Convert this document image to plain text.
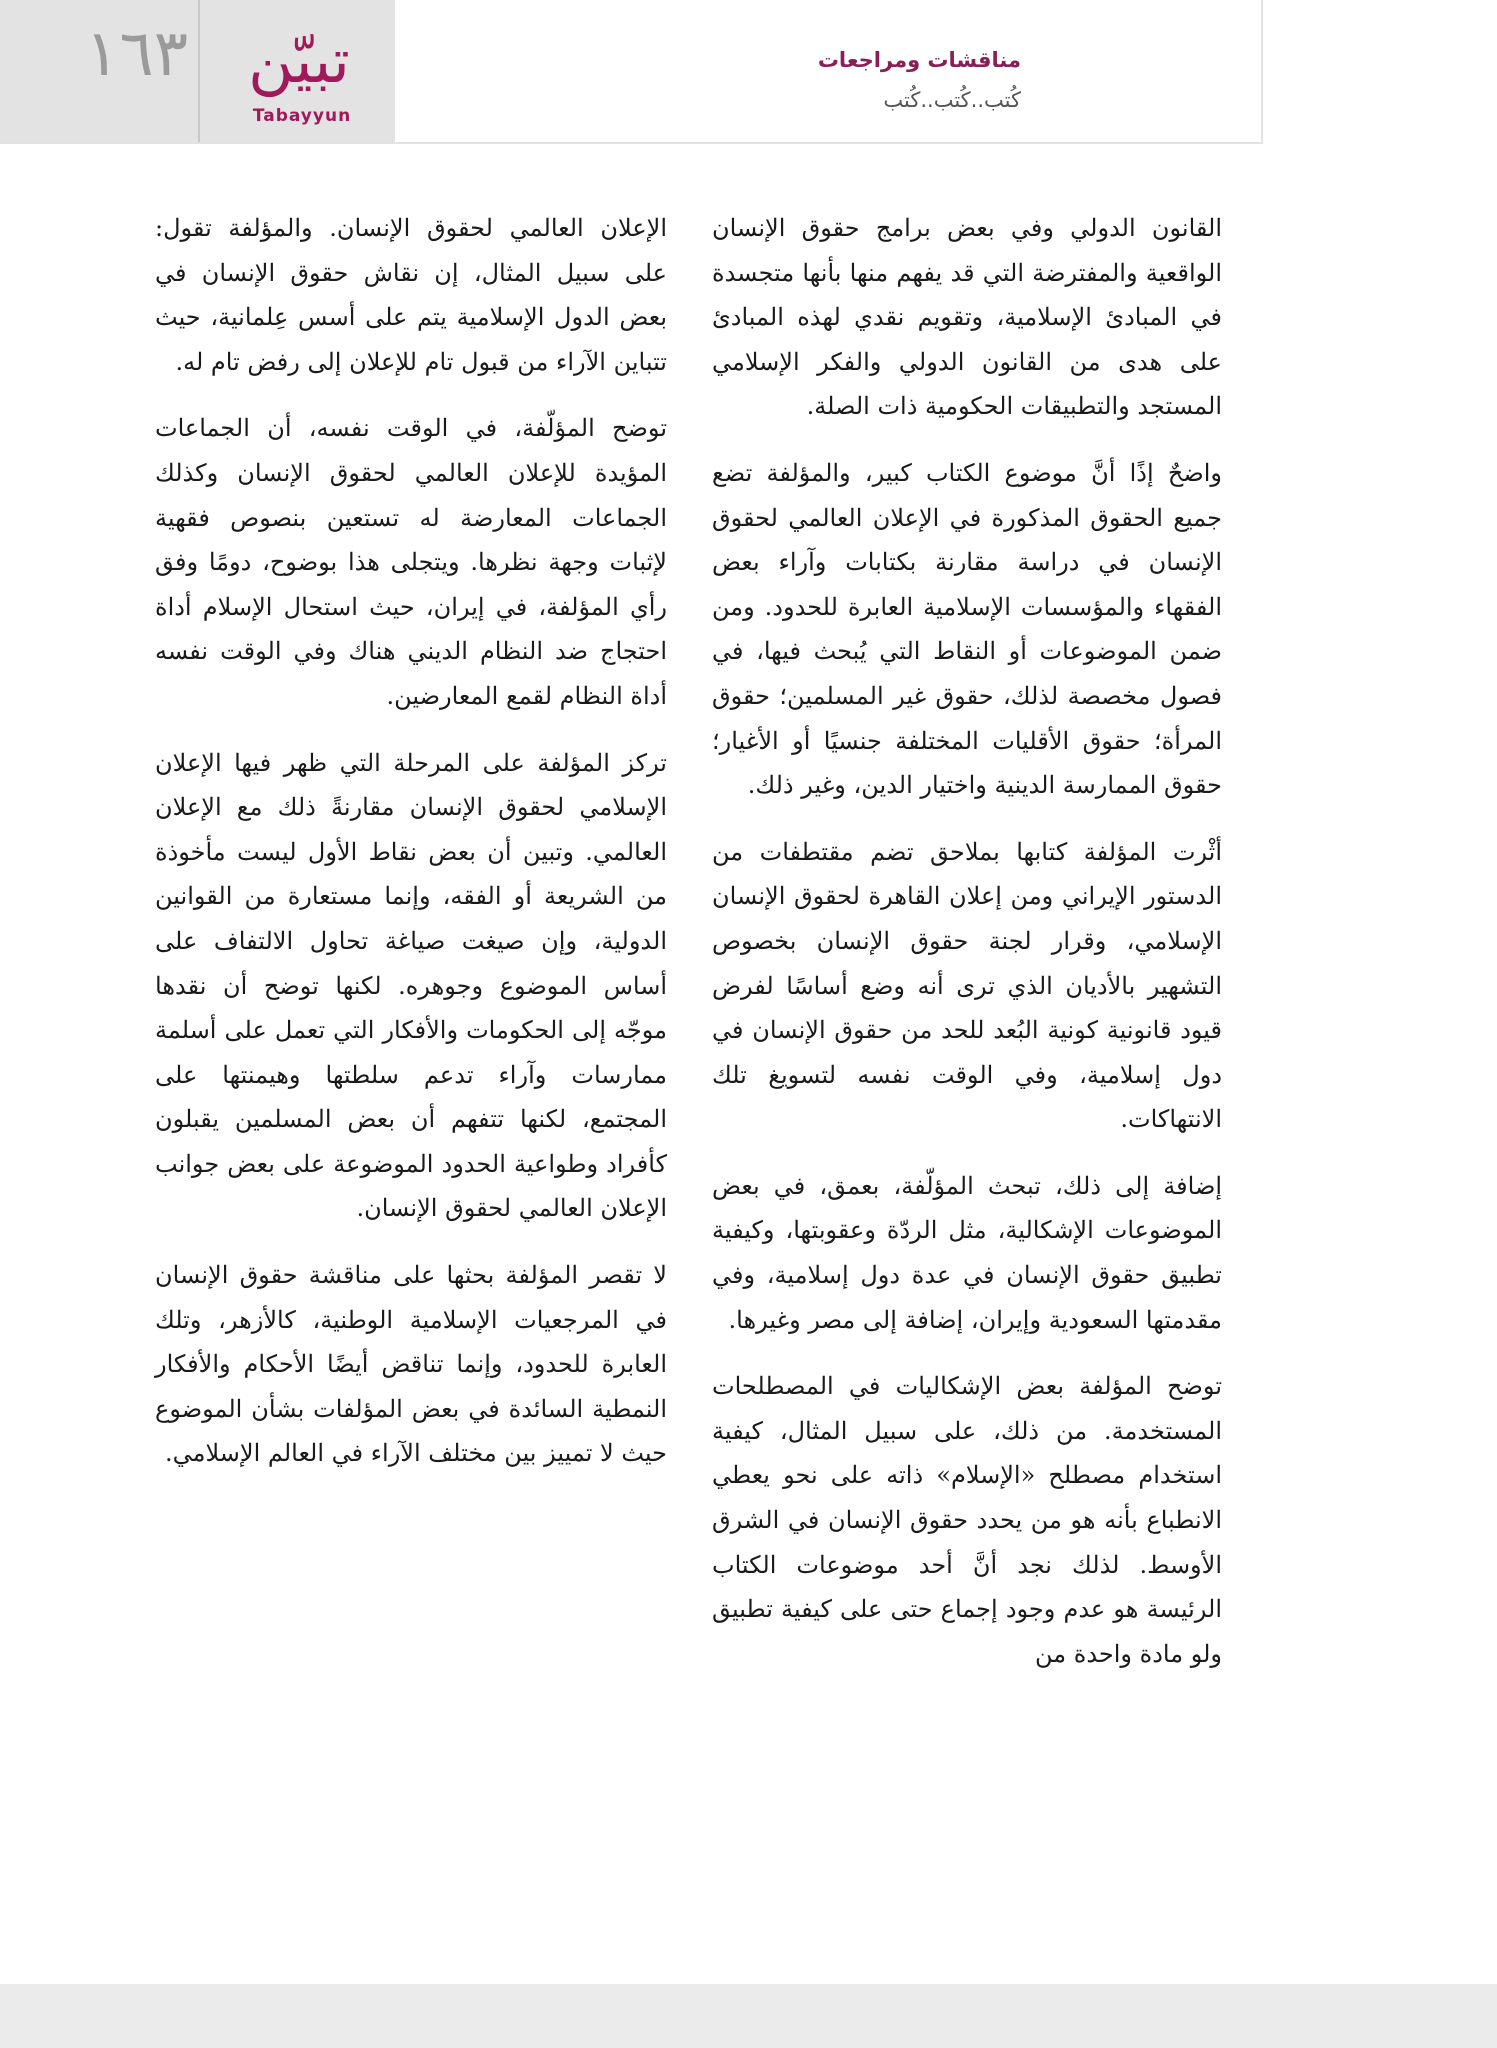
١٦٣ تبيّن
Tabayyun
مناقشات ومراجعات
كُتب..كُتب..كُتب

القانون الدولي وفي بعض برامج حقوق الإنسان الواقعية والمفترضة التي قد يفهم منها بأنها متجسدة في المبادئ الإسلامية، وتقويم نقدي لهذه المبادئ على هدى من القانون الدولي والفكر الإسلامي المستجد والتطبيقات الحكومية ذات الصلة.

واضحٌ إذًا أنَّ موضوع الكتاب كبير، والمؤلفة تضع جميع الحقوق المذكورة في الإعلان العالمي لحقوق الإنسان في دراسة مقارنة بكتابات وآراء بعض الفقهاء والمؤسسات الإسلامية العابرة للحدود. ومن ضمن الموضوعات أو النقاط التي يُبحث فيها، في فصول مخصصة لذلك، حقوق غير المسلمين؛ حقوق المرأة؛ حقوق الأقليات المختلفة جنسيًا أو الأغيار؛ حقوق الممارسة الدينية واختيار الدين، وغير ذلك.

أثْرت المؤلفة كتابها بملاحق تضم مقتطفات من الدستور الإيراني ومن إعلان القاهرة لحقوق الإنسان الإسلامي، وقرار لجنة حقوق الإنسان بخصوص التشهير بالأديان الذي ترى أنه وضع أساسًا لفرض قيود قانونية كونية البُعد للحد من حقوق الإنسان في دول إسلامية، وفي الوقت نفسه لتسويغ تلك الانتهاكات.

إضافة إلى ذلك، تبحث المؤلّفة، بعمق، في بعض الموضوعات الإشكالية، مثل الردّة وعقوبتها، وكيفية تطبيق حقوق الإنسان في عدة دول إسلامية، وفي مقدمتها السعودية وإيران، إضافة إلى مصر وغيرها.

توضح المؤلفة بعض الإشكاليات في المصطلحات المستخدمة. من ذلك، على سبيل المثال، كيفية استخدام مصطلح «الإسلام» ذاته على نحو يعطي الانطباع بأنه هو من يحدد حقوق الإنسان في الشرق الأوسط. لذلك نجد أنَّ أحد موضوعات الكتاب الرئيسة هو عدم وجود إجماع حتى على كيفية تطبيق ولو مادة واحدة من

الإعلان العالمي لحقوق الإنسان. والمؤلفة تقول: على سبيل المثال، إن نقاش حقوق الإنسان في بعض الدول الإسلامية يتم على أسس عِلمانية، حيث تتباين الآراء من قبول تام للإعلان إلى رفض تام له.

توضح المؤلّفة، في الوقت نفسه، أن الجماعات المؤيدة للإعلان العالمي لحقوق الإنسان وكذلك الجماعات المعارضة له تستعين بنصوص فقهية لإثبات وجهة نظرها. ويتجلى هذا بوضوح، دومًا وفق رأي المؤلفة، في إيران، حيث استحال الإسلام أداة احتجاج ضد النظام الديني هناك وفي الوقت نفسه أداة النظام لقمع المعارضين.

تركز المؤلفة على المرحلة التي ظهر فيها الإعلان الإسلامي لحقوق الإنسان مقارنةً ذلك مع الإعلان العالمي. وتبين أن بعض نقاط الأول ليست مأخوذة من الشريعة أو الفقه، وإنما مستعارة من القوانين الدولية، وإن صيغت صياغة تحاول الالتفاف على أساس الموضوع وجوهره. لكنها توضح أن نقدها موجّه إلى الحكومات والأفكار التي تعمل على أسلمة ممارسات وآراء تدعم سلطتها وهيمنتها على المجتمع، لكنها تتفهم أن بعض المسلمين يقبلون كأفراد وطواعية الحدود الموضوعة على بعض جوانب الإعلان العالمي لحقوق الإنسان.

لا تقصر المؤلفة بحثها على مناقشة حقوق الإنسان في المرجعيات الإسلامية الوطنية، كالأزهر، وتلك العابرة للحدود، وإنما تناقض أيضًا الأحكام والأفكار النمطية السائدة في بعض المؤلفات بشأن الموضوع حيث لا تمييز بين مختلف الآراء في العالم الإسلامي.
